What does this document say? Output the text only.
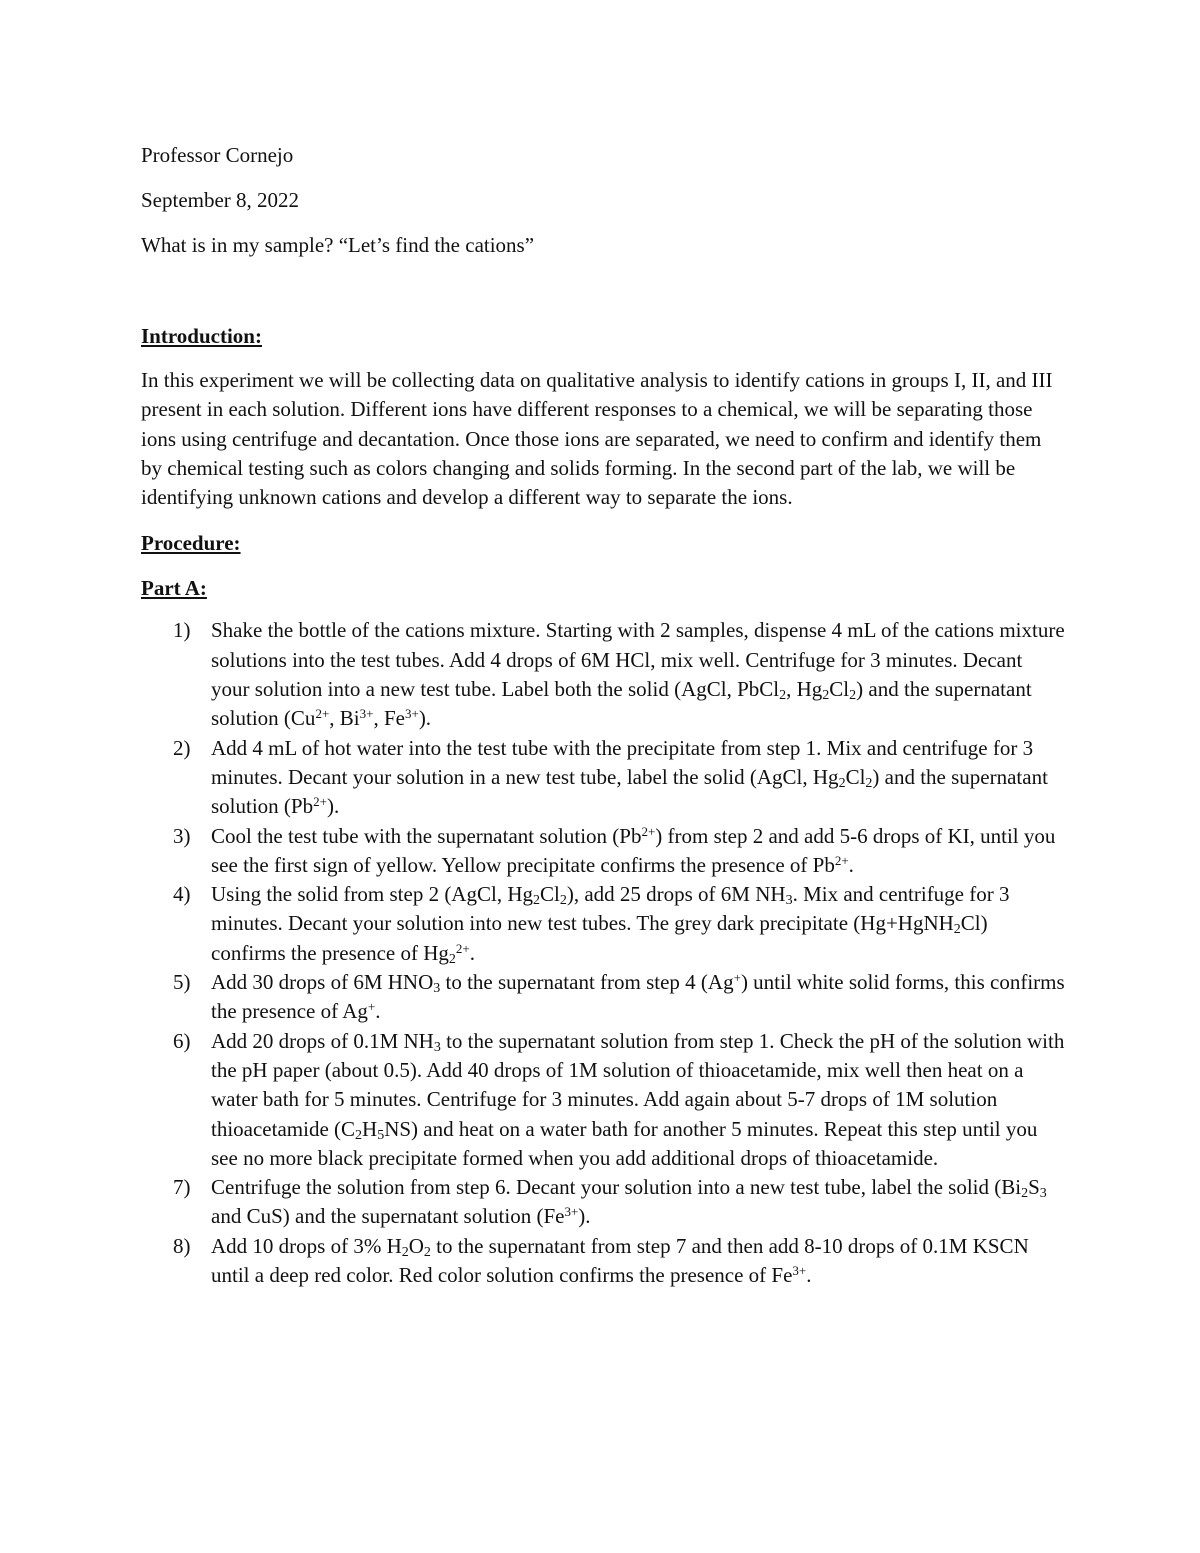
Professor Cornejo

September 8, 2022

What is in my sample? “Let’s find the cations”

Introduction:

In this experiment we will be collecting data on qualitative analysis to identify cations in groups I, II, and III present in each solution. Different ions have different responses to a chemical, we will be separating those ions using centrifuge and decantation. Once those ions are separated, we need to confirm and identify them by chemical testing such as colors changing and solids forming. In the second part of the lab, we will be identifying unknown cations and develop a different way to separate the ions.

Procedure:

Part A:

1) Shake the bottle of the cations mixture. Starting with 2 samples, dispense 4 mL of the cations mixture solutions into the test tubes. Add 4 drops of 6M HCl, mix well. Centrifuge for 3 minutes. Decant your solution into a new test tube. Label both the solid (AgCl, PbCl$_2$, $Hg_2Cl_2$) and the supernatant solution ($Cu^{2+}$, $Bi^{3+}$, $Fe^{3+}$).
2) Add 4 mL of hot water into the test tube with the precipitate from step 1. Mix and centrifuge for 3 minutes. Decant your solution in a new test tube, label the solid (AgCl, $Hg_2Cl_2$) and the supernatant solution $(Pb^{2+})$.
3) Cool the test tube with the supernatant solution $(Pb^{2+})$ from step 2 and add 5-6 drops of KI, until you see the first sign of yellow. Yellow precipitate confirms the presence of $Pb^{2+}$.
4) Using the solid from step 2 (AgCl, $Hg_2Cl_2$), add 25 drops of 6M $NH_3$. Mix and centrifuge for 3 minutes. Decant your solution into new test tubes. The grey dark precipitate (Hg+HgNH$_2$Cl) confirms the presence of $Hg_2^{2+}$.
5) Add 30 drops of 6M $HNO_3$ to the supernatant from step 4 (Ag+) until white solid forms, this confirms the presence of Ag+.
6) Add 20 drops of 0.1M $NH_3$ to the supernatant solution from step 1. Check the pH of the solution with the pH paper (about 0.5). Add 40 drops of 1M solution of thioacetamide, mix well then heat on a water bath for 5 minutes. Centrifuge for 3 minutes. Add again about 5-7 drops of 1M solution thioacetamide $(C_2H_5NS)$ and heat on a water bath for another 5 minutes. Repeat this step until you see no more black precipitate formed when you add additional drops of thioacetamide.
7) Centrifuge the solution from step 6. Decant your solution into a new test tube, label the solid ($Bi_2S_3$ and CuS) and the supernatant solution $(Fe^{3+})$.
8) Add 10 drops of 3% $H_2O_2$ to the supernatant from step 7 and then add 8-10 drops of 0.1M KSCN until a deep red color. Red color solution confirms the presence of $Fe^{3+}$.
